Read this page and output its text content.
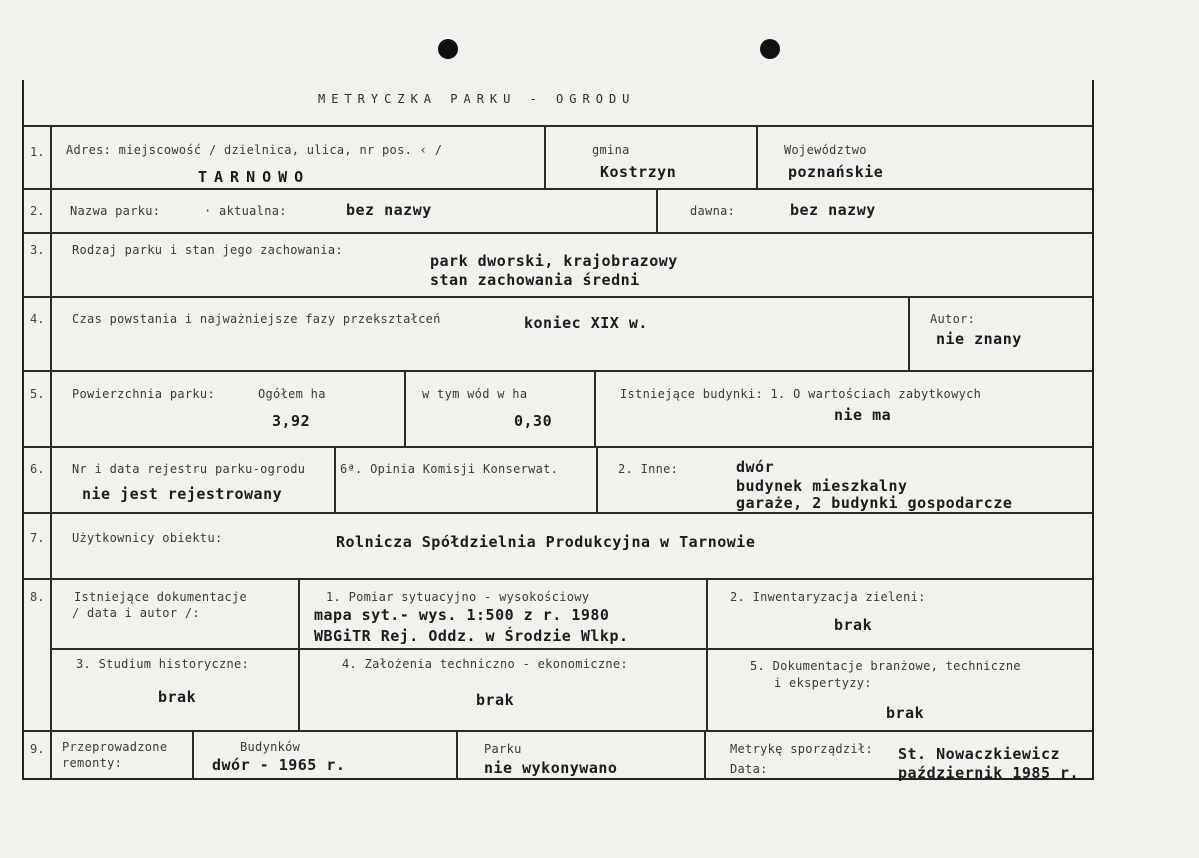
METRYCZKA PARKU - OGRODU
1. Adres: miejscowość / dzielnica, ulica, nr pos. ‹ /
TARNOWO
gmina
Kostrzyn
Województwo
poznańskie
2. Nazwa parku:	· aktualna:	bez nazwy	dawna:	bez nazwy
3. Rodzaj parku i stan jego zachowania:
park dworski, krajobrazowy
stan zachowania średni
4. Czas powstania i najważniejsze fazy przekształceń	koniec XIX w.	Autor:
nie znany
5. Powierzchnia parku:	Ogółem ha
3,92
w tym wód w ha
0,30
Istniejące budynki: 1. O wartościach zabytkowych
nie ma
6. Nr i data rejestru parku-ogrodu
nie jest rejestrowany
6ª. Opinia Komisji Konserwat.	2. Inne:	dwór
budynek mieszkalny
garaże, 2 budynki gospodarcze
7. Użytkownicy obiektu:	Rolnicza Spółdzielnia Produkcyjna w Tarnowie
8. Istniejące dokumentacje
/ data i autor /:
1. Pomiar sytuacyjno - wysokościowy
mapa syt.- wys. 1:500 z r. 1980
WBGiTR Rej. Oddz. w Środzie Wlkp.
2. Inwentaryzacja zieleni:
brak
3. Studium historyczne:
brak
4. Założenia techniczno - ekonomiczne:
brak
5. Dokumentacje branżowe, techniczne
i ekspertyzy:
brak
9. Przeprowadzone
remonty:
Budynków
dwór - 1965 r.
Parku
nie wykonywano
Metrykę sporządził: St. Nowaczkiewicz
Data:	październik 1985 r.
